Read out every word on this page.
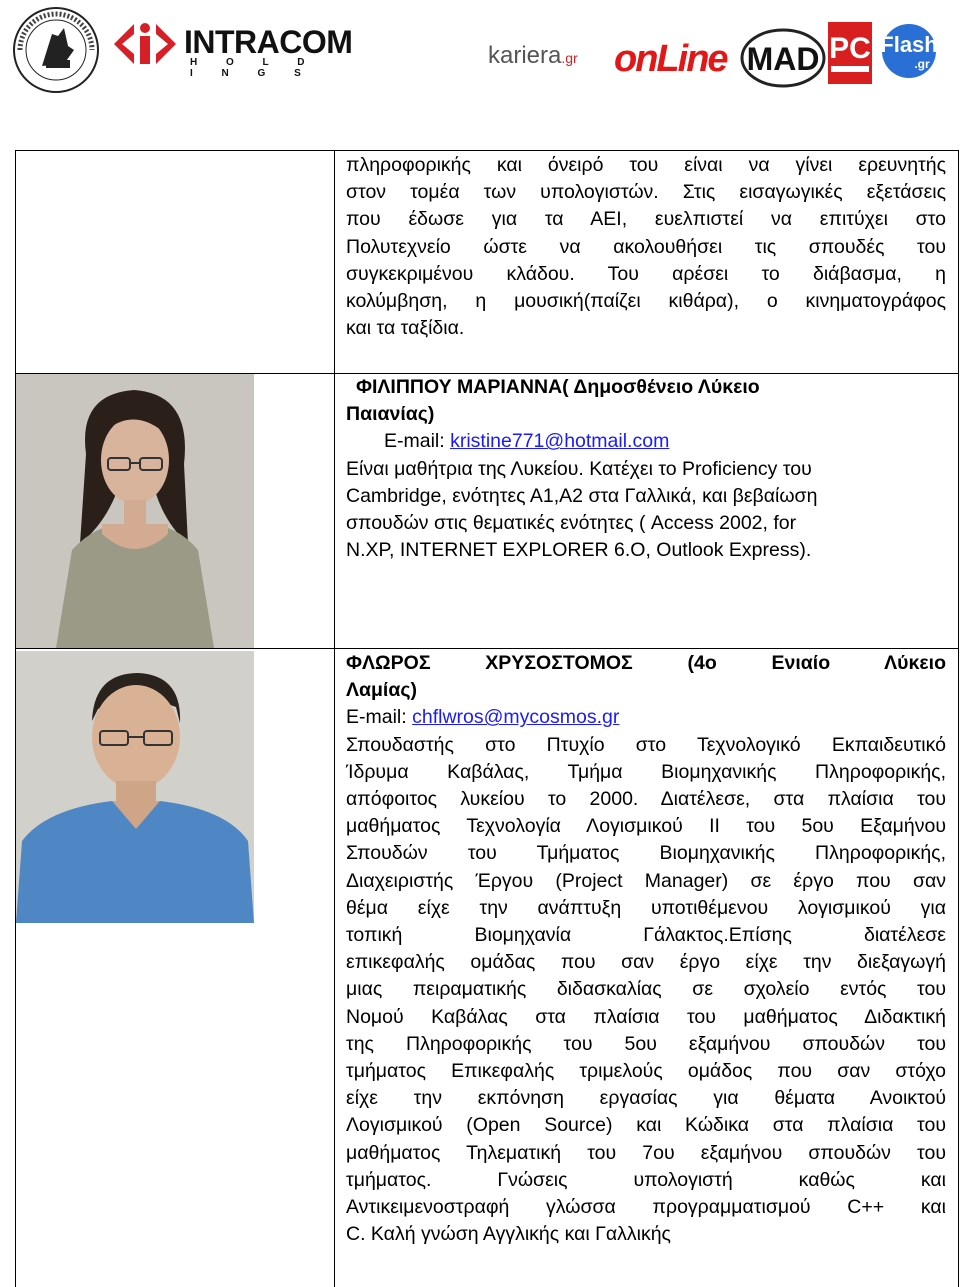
INTRACOM
H O L D I N G S
kariera.gr onLine MAD PC Flash
.gr
πληροφορικής και όνειρό του είναι να γίνει ερευνητής
στον τομέα των υπολογιστών. Στις εισαγωγικές εξετάσεις
που έδωσε για τα ΑΕΙ, ευελπιστεί να επιτύχει στο
Πολυτεχνείο ώστε να ακολουθήσει τις σπουδές του
συγκεκριμένου κλάδου. Του αρέσει το διάβασμα, η
κολύμβηση, η μουσική(παίζει κιθάρα), ο κινηματογράφος
και τα ταξίδια.
ΦΙΛΙΠΠΟΥ ΜΑΡΙΑΝΝΑ( Δημοσθένειο Λύκειο
Παιανίας)
E-mail: kristine771@hotmail.com
Είναι μαθήτρια της Λυκείου. Κατέχει το Proficiency του
Cambridge, ενότητες Α1,Α2 στα Γαλλικά, και βεβαίωση
σπουδών στις θεματικές ενότητες ( Access 2002, for
N.XP, INTERNET EXPLORER 6.O, Outlook Express).
ΦΛΩΡΟΣ ΧΡΥΣΟΣΤΟΜΟΣ (4ο Ενιαίο Λύκειο
Λαμίας)
E-mail: chflwros@mycosmos.gr
Σπουδαστής στο Πτυχίο στο Τεχνολογικό Εκπαιδευτικό
Ίδρυμα Καβάλας, Τμήμα Βιομηχανικής Πληροφορικής,
απόφοιτος λυκείου το 2000. Διατέλεσε, στα πλαίσια του
μαθήματος Τεχνολογία Λογισμικού ΙΙ του 5ου Εξαμήνου
Σπουδών του Τμήματος Βιομηχανικής Πληροφορικής,
Διαχειριστής Έργου (Project Manager) σε έργο που σαν
θέμα είχε την ανάπτυξη υποτιθέμενου λογισμικού για
τοπική Βιομηχανία Γάλακτος.Επίσης διατέλεσε
επικεφαλής ομάδας που σαν έργο είχε την διεξαγωγή
μιας πειραματικής διδασκαλίας σε σχολείο εντός του
Νομού Καβάλας στα πλαίσια του μαθήματος Διδακτική
της Πληροφορικής του 5ου εξαμήνου σπουδών του
τμήματος Επικεφαλής τριμελούς ομάδος που σαν στόχο
είχε την εκπόνηση εργασίας για θέματα Ανοικτού
Λογισμικού (Open Source) και Κώδικα στα πλαίσια του
μαθήματος Τηλεματική του 7ου εξαμήνου σπουδών του
τμήματος. Γνώσεις υπολογιστή καθώς και
Αντικειμενοστραφή γλώσσα προγραμματισμού C++ και
C. Καλή γνώση Αγγλικής και Γαλλικής
